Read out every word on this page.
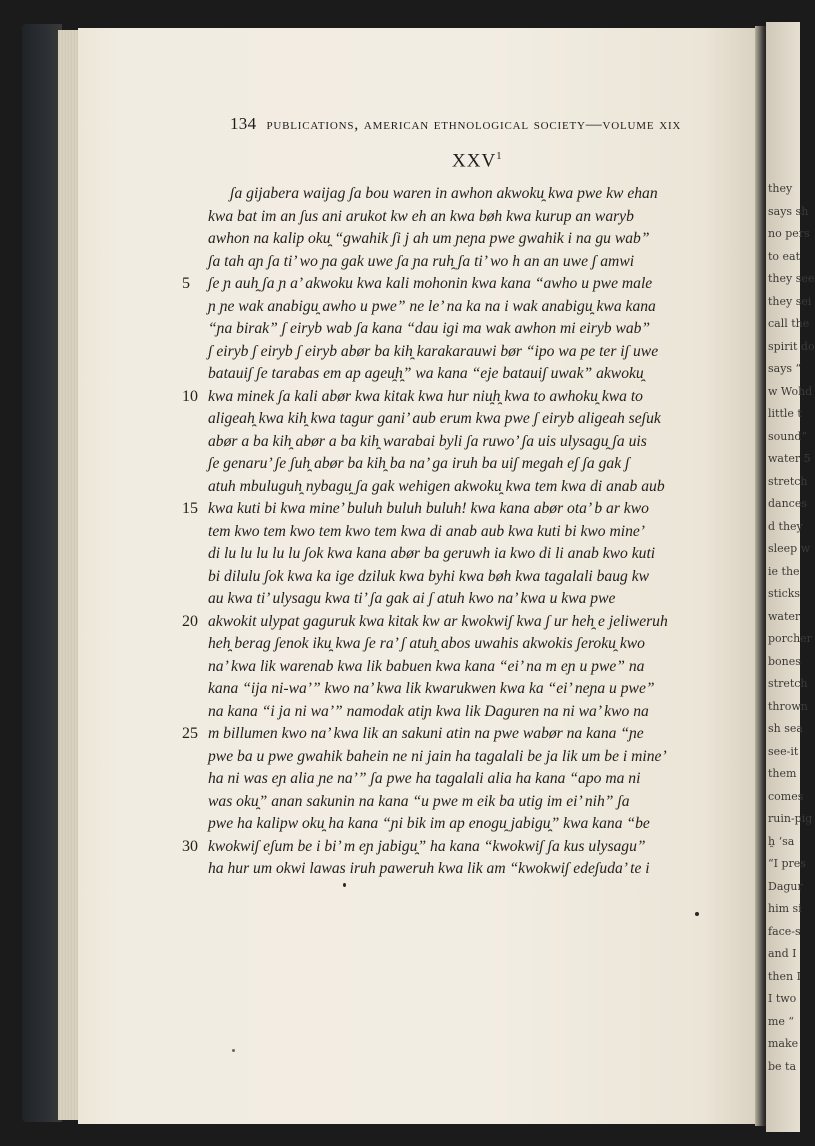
134 publications, american ethnological society—volume xix
XXV$^1$
ʃa gijabera waijag ʃa bou waren in awhon akwoku̯ kwa pwe kw ehan
kwa bat im an ʃus ani arukot kw eh an kwa bøh kwa kurup an waryb
awhon na kalip oku̯ “gwahik ʃi j ah um ɲeɲa pwe gwahik i na gu wab”
ʃa tah aɲ ʃa ti’ wo ɲa gak uwe ʃa ɲa ruh̯ ʃa ti’ wo h an an uwe ʃ amwi
5 ʃe ɲ auh̯ ʃa ɲ a’ akwoku kwa kali mohonin kwa kana “awho u pwe male
ɲ ɲe wak anabigu̯ awho u pwe” ne le’ na ka na i wak anabigu̯ kwa kana
“ɲa birak” ʃ eiryb wab ʃa kana “dau igi ma wak awhon mi eiryb wab”
ʃ eiryb ʃ eiryb ʃ eiryb abør ba kih̯ karakarauwi bør “ipo wa pe ter iʃ uwe
batauiʃ ʃe tarabas em ap ageu̯h̯” wa kana “eje batauiʃ uwak” akwoku̯
10 kwa minek ʃa kali abør kwa kitak kwa hur niu̯h̯ kwa to awhoku̯ kwa to
aligeah̯ kwa kih̯ kwa tagur gani’ aub erum kwa pwe ʃ eiryb aligeah seʃuk
abør a ba kih̯ abør a ba kih̯ warabai byli ʃa ruwo’ ʃa uis ulysagu̯ ʃa uis
ʃe genaru’ ʃe ʃuh̯ abør ba kih̯ ba na’ ga iruh ba uiʃ megah eʃ ʃa gak ʃ
atuh mbuluguh̯ nybagu̯ ʃa gak wehigen akwoku̯ kwa tem kwa di anab aub
15 kwa kuti bi kwa mine’ buluh buluh buluh! kwa kana abør ota’ b ar kwo
tem kwo tem kwo tem kwo tem kwa di anab aub kwa kuti bi kwo mine’
di lu lu lu lu lu ʃok kwa kana abør ba geruwh ia kwo di li anab kwo kuti
bi dilulu ʃok kwa ka ige dziluk kwa byhi kwa bøh kwa tagalali baug kw
au kwa ti’ ulysagu kwa ti’ ʃa gak ai ʃ atuh kwo na’ kwa u kwa pwe
20 akwokit ulypat gaguruk kwa kitak kw ar kwokwiʃ kwa ʃ ur heh̯ e jeliweruh
heh̯ berag ʃenok iku̯ kwa ʃe ra’ ʃ atuh̯ abos uwahis akwokis ʃeroku̯ kwo
na’ kwa lik warenab kwa lik babuen kwa kana “ei’ na m eɲ u pwe” na
kana “ija ni-wa’” kwo na’ kwa lik kwarukwen kwa ka “ei’ neɲa u pwe”
na kana “i ja ni wa’” namodak atiɲ kwa lik Daguren na ni wa’ kwo na
25 m billumen kwo na’ kwa lik an sakuni atin na pwe wabør na kana “ɲe
pwe ba u pwe gwahik bahein ne ni jain ha tagalali be ja lik um be i mine’
ha ni was eɲ alia ɲe na’” ʃa pwe ha tagalali alia ha kana “apo ma ni
was oku̯” anan sakunin na kana “u pwe m eik ba utig im ei’ nih” ʃa
pwe ha kalipw oku̯ ha kana “ɲi bik im ap enogu̯ jabigu̯” kwa kana “be
30 kwokwiʃ eʃum be i bi’ m eɲ jabigu̯” ha kana “kwokwiʃ ʃa kus ulysagu”
ha hur um okwi lawas iruh paweruh kwa lik am “kwokwiʃ edeʃuda’ te i
they
says sh
no pers
to eat
they see
they sei
call the
spirit do
says “
w Wohd
little t
sound”
water 5
stretch
dances
d they
sleep w
ie the
sticks
water
porcher
bones
stretch
thrown
sh sea
see-it
them
comes
ruin-pig
h̯ ‘sa
“I pres
Dagur
him si
face-s
and I
then I
I two
me “
make
be ta
